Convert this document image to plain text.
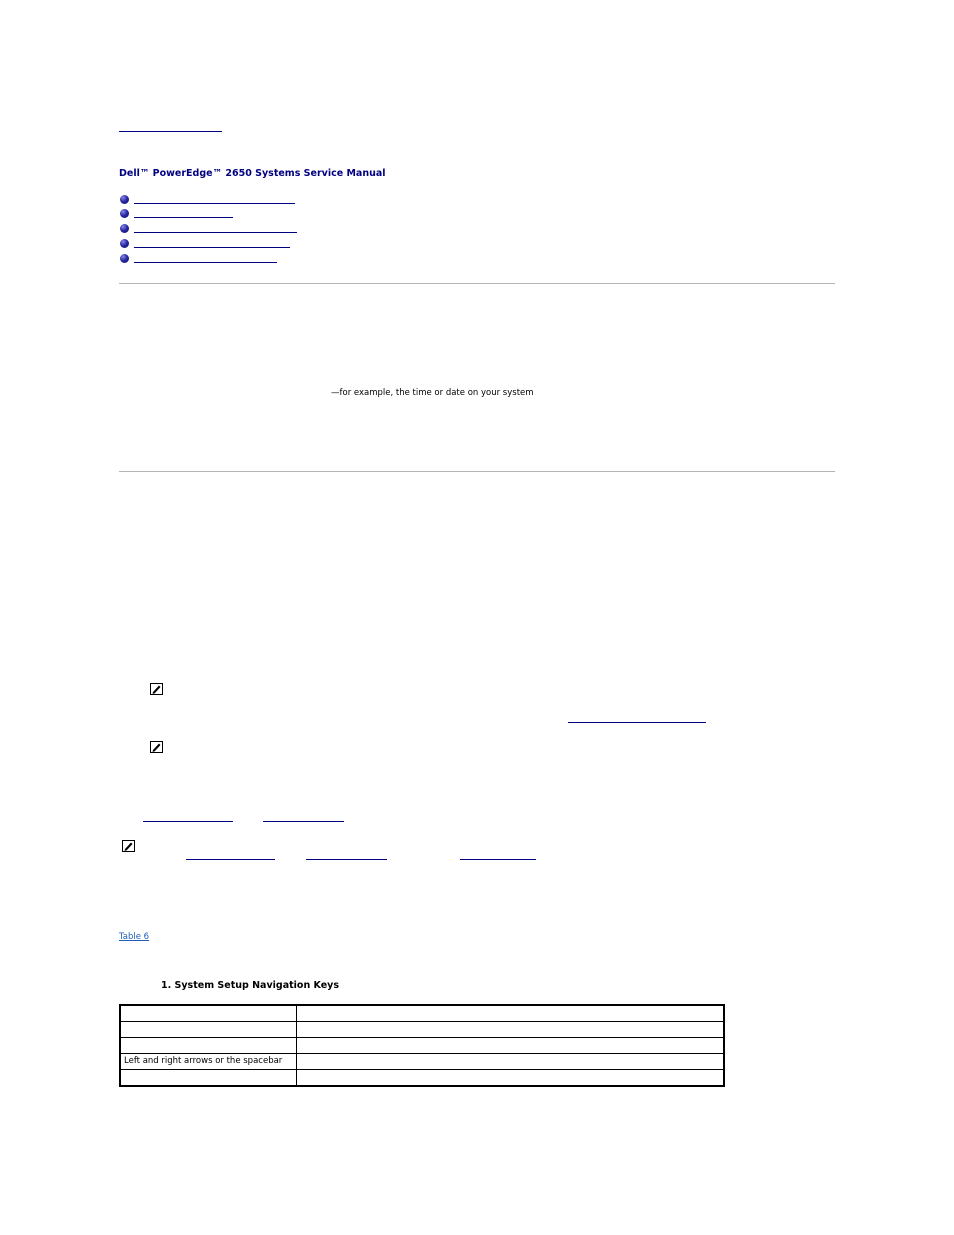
Dell™ PowerEdge™ 2650 Systems Service Manual
—for example, the time or date on your system
Table 6
1. System Setup Navigation Keys

Left and right arrows or the spacebar	
